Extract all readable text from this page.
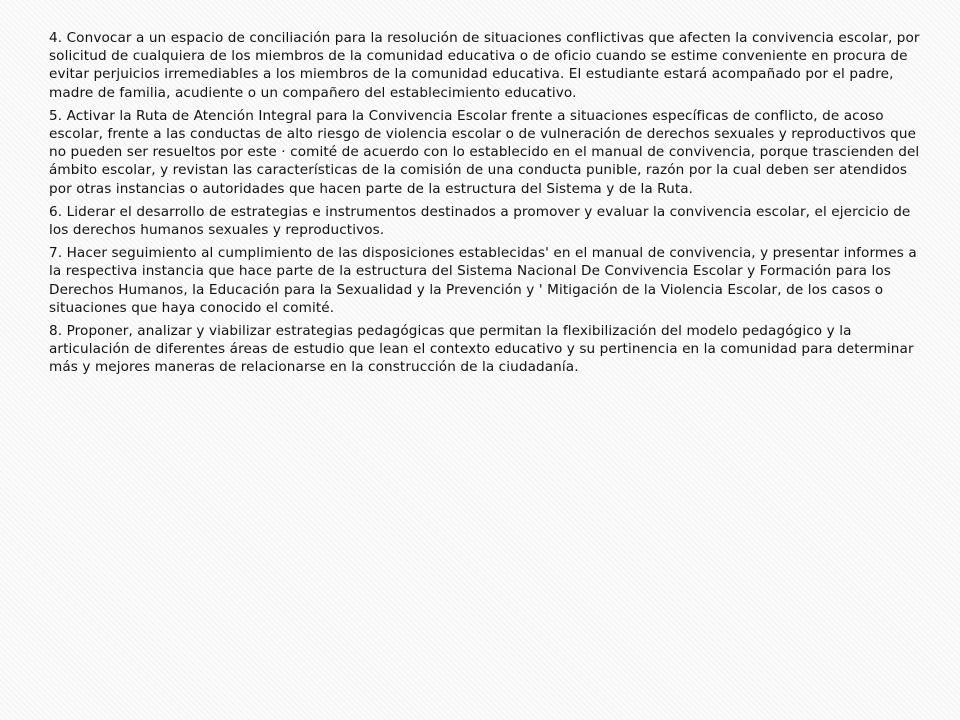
4. Convocar a un espacio de conciliación para la resolución de situaciones conflictivas que afecten la convivencia escolar, por solicitud de cualquiera de los miembros de la comunidad educativa o de oficio cuando se estime conveniente en procura de evitar perjuicios irremediables a los miembros de la comunidad educativa. El estudiante estará acompañado por el padre, madre de familia, acudiente o un compañero del establecimiento educativo.

5. Activar la Ruta de Atención Integral para la Convivencia Escolar frente a situaciones específicas de conflicto, de acoso escolar, frente a las conductas de alto riesgo de violencia escolar o de vulneración de derechos sexuales y reproductivos que no pueden ser resueltos por este · comité de acuerdo con lo establecido en el manual de convivencia, porque trascienden del ámbito escolar, y revistan las características de la comisión de una conducta punible, razón por la cual deben ser atendidos por otras instancias o autoridades que hacen parte de la estructura del Sistema y de la Ruta.

6. Liderar el desarrollo de estrategias e instrumentos destinados a promover y evaluar la convivencia escolar, el ejercicio de los derechos humanos sexuales y reproductivos.

7. Hacer seguimiento al cumplimiento de las disposiciones establecidas' en el manual de convivencia, y presentar informes a la respectiva instancia que hace parte de la estructura del Sistema Nacional De Convivencia Escolar y Formación para los Derechos Humanos, la Educación para la Sexualidad y la Prevención y ' Mitigación de la Violencia Escolar, de los casos o situaciones que haya conocido el comité.

8. Proponer, analizar y viabilizar estrategias pedagógicas que permitan la flexibilización del modelo pedagógico y la articulación de diferentes áreas de estudio que lean el contexto educativo y su pertinencia en la comunidad para determinar más y mejores maneras de relacionarse en la construcción de la ciudadanía.
